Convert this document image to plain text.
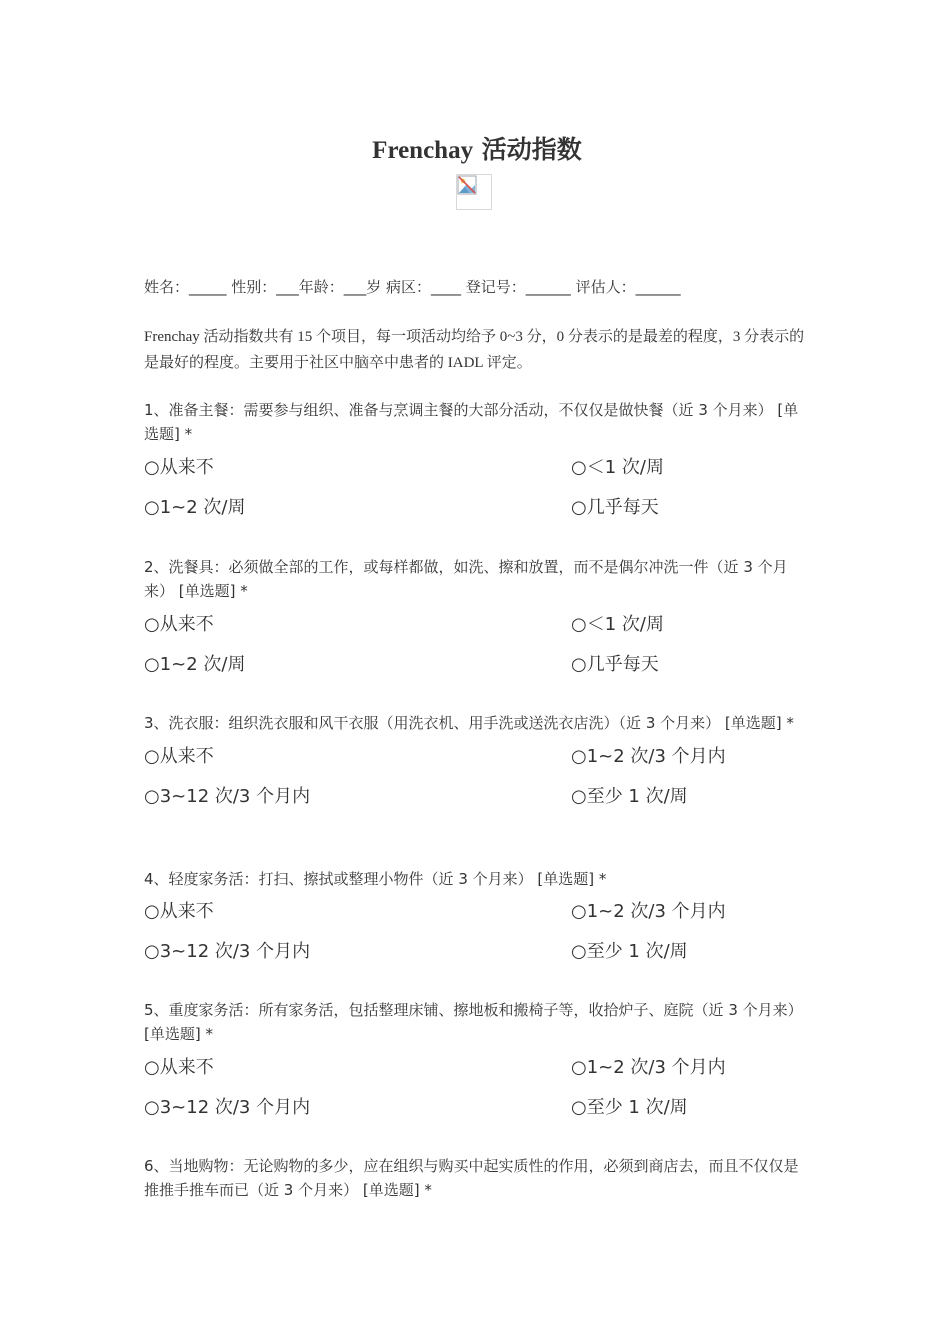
Frenchay 活动指数
姓名：_____ 性别：___年龄：___岁 病区：____ 登记号：______ 评估人：______
Frenchay 活动指数共有 15 个项目，每一项活动均给予 0~3 分，0 分表示的是最差的程度，3 分表示的是最好的程度。主要用于社区中脑卒中患者的 IADL 评定。
1、准备主餐：需要参与组织、准备与烹调主餐的大部分活动，不仅仅是做快餐（近 3 个月来） [单选题] *
○从来不	○＜1 次/周
○1~2 次/周	○几乎每天
2、洗餐具：必须做全部的工作，或每样都做，如洗、擦和放置，而不是偶尔冲洗一件（近 3 个月来） [单选题] *
○从来不	○＜1 次/周
○1~2 次/周	○几乎每天
3、洗衣服：组织洗衣服和风干衣服（用洗衣机、用手洗或送洗衣店洗）（近 3 个月来） [单选题] *
○从来不	○1~2 次/3 个月内
○3~12 次/3 个月内	○至少 1 次/周
4、轻度家务活：打扫、擦拭或整理小物件（近 3 个月来） [单选题] *
○从来不	○1~2 次/3 个月内
○3~12 次/3 个月内	○至少 1 次/周
5、重度家务活：所有家务活，包括整理床铺、擦地板和搬椅子等，收拾炉子、庭院（近 3 个月来） [单选题] *
○从来不	○1~2 次/3 个月内
○3~12 次/3 个月内	○至少 1 次/周
6、当地购物：无论购物的多少，应在组织与购买中起实质性的作用，必须到商店去，而且不仅仅是推推手推车而已（近 3 个月来） [单选题] *
